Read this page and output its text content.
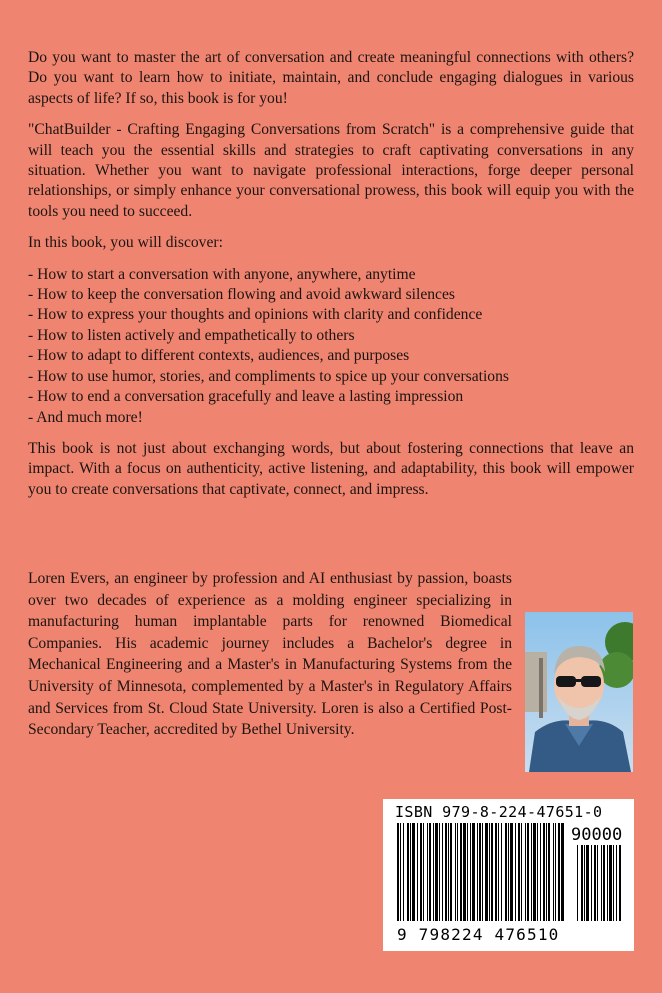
Do you want to master the art of conversation and create meaningful connections with others? Do you want to learn how to initiate, maintain, and conclude engaging dialogues in various aspects of life? If so, this book is for you!

"ChatBuilder - Crafting Engaging Conversations from Scratch" is a comprehensive guide that will teach you the essential skills and strategies to craft captivating conversations in any situation. Whether you want to navigate professional interactions, forge deeper personal relationships, or simply enhance your conversational prowess, this book will equip you with the tools you need to succeed.

In this book, you will discover:

- How to start a conversation with anyone, anywhere, anytime
- How to keep the conversation flowing and avoid awkward silences
- How to express your thoughts and opinions with clarity and confidence
- How to listen actively and empathetically to others
- How to adapt to different contexts, audiences, and purposes
- How to use humor, stories, and compliments to spice up your conversations
- How to end a conversation gracefully and leave a lasting impression
- And much more!

This book is not just about exchanging words, but about fostering connections that leave an impact. With a focus on authenticity, active listening, and adaptability, this book will empower you to create conversations that captivate, connect, and impress.

Loren Evers, an engineer by profession and AI enthusiast by passion, boasts over two decades of experience as a molding engineer specializing in manufacturing human implantable parts for renowned Biomedical Companies. His academic journey includes a Bachelor's degree in Mechanical Engineering and a Master's in Manufacturing Systems from the University of Minnesota, complemented by a Master's in Regulatory Affairs and Services from St. Cloud State University. Loren is also a Certified Post-Secondary Teacher, accredited by Bethel University.

ISBN 979-8-224-47651-0
90000
9 798224 476510
